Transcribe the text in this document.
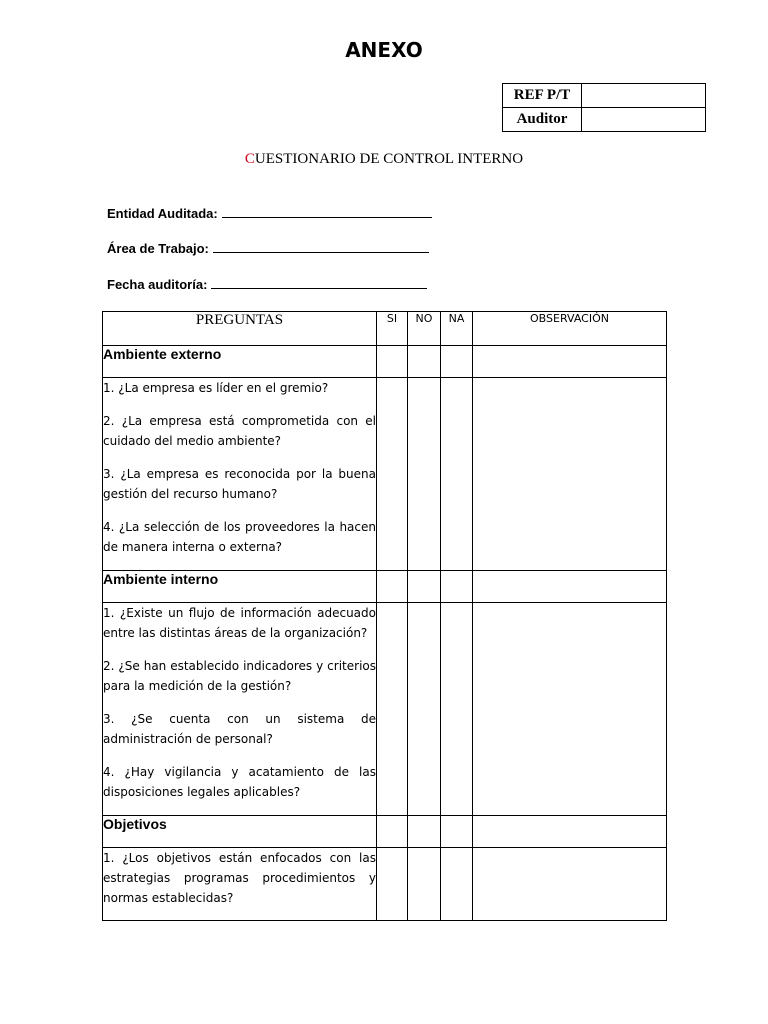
ANEXO
REF P/T	
Auditor	
CUESTIONARIO DE CONTROL INTERNO
Entidad Auditada:
Área de Trabajo:
Fecha auditoría:
PREGUNTAS	SI	NO	NA	OBSERVACIÓN
Ambiente externo				

1. ¿La empresa es líder en el gremio?

2. ¿La empresa está comprometida con el cuidado del medio ambiente?

3. ¿La empresa es reconocida por la buena gestión del recurso humano?

4. ¿La selección de los proveedores la hacen de manera interna o externa?				

Ambiente interno				

1. ¿Existe un flujo de información adecuado entre las distintas áreas de la organización?

2. ¿Se han establecido indicadores y criterios para la medición de la gestión?

3. ¿Se cuenta con un sistema de administración de personal?

4. ¿Hay vigilancia y acatamiento de las disposiciones legales aplicables?				

Objetivos				

1. ¿Los objetivos están enfocados con las estrategias programas procedimientos y normas establecidas?				
